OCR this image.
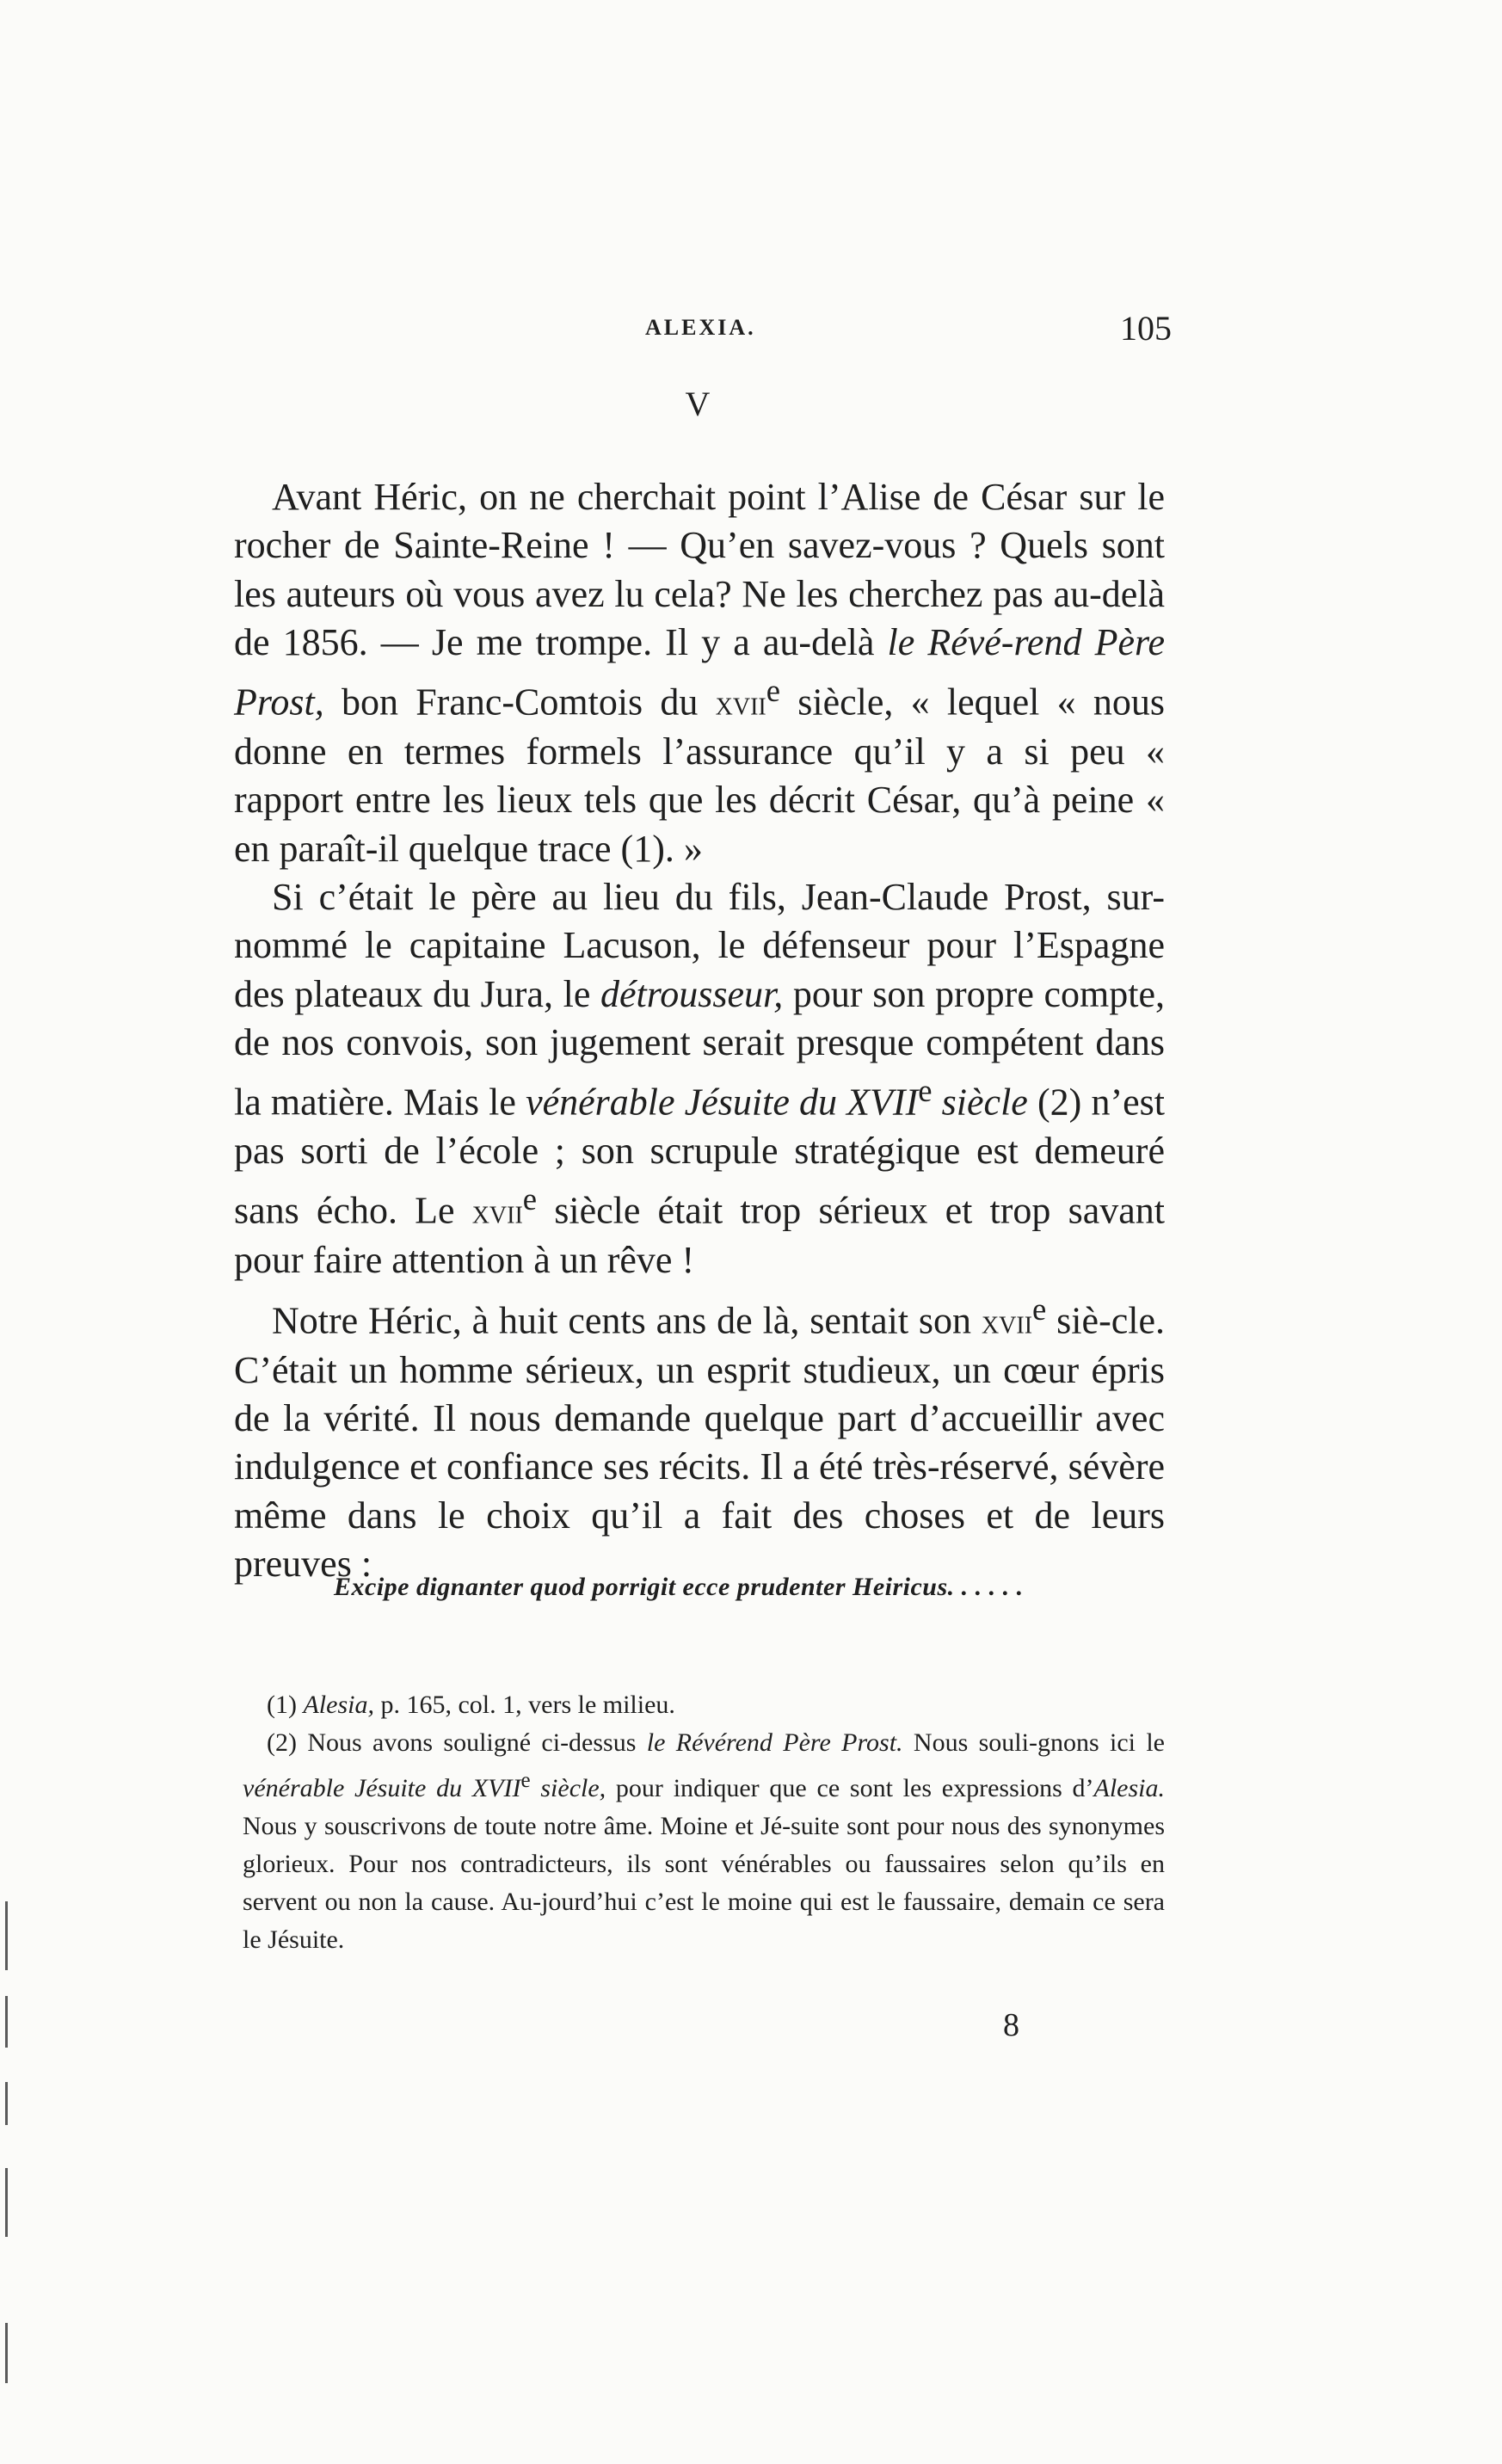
ALEXIA.	105
V

Avant Héric, on ne cherchait point l’Alise de César sur le rocher de Sainte-Reine ! — Qu’en savez-vous ? Quels sont les auteurs où vous avez lu cela? Ne les cherchez pas au-delà de 1856. — Je me trompe. Il y a au-delà le Révé-rend Père Prost, bon Franc-Comtois du xvii$^e$ siècle, « lequel « nous donne en termes formels l’assurance qu’il y a si peu « rapport entre les lieux tels que les décrit César, qu’à peine « en paraît-il quelque trace (1). »

Si c’était le père au lieu du fils, Jean-Claude Prost, sur-nommé le capitaine Lacuson, le défenseur pour l’Espagne des plateaux du Jura, le détrousseur, pour son propre compte, de nos convois, son jugement serait presque compétent dans la matière. Mais le vénérable Jésuite du XVIIe siècle (2) n’est pas sorti de l’école ; son scrupule stratégique est demeuré sans écho. Le xvii$^e$ siècle était trop sérieux et trop savant pour faire attention à un rêve !

Notre Héric, à huit cents ans de là, sentait son xvii$^e$ siè-cle. C’était un homme sérieux, un esprit studieux, un cœur épris de la vérité. Il nous demande quelque part d’accueillir avec indulgence et confiance ses récits. Il a été très-réservé, sévère même dans le choix qu’il a fait des choses et de leurs preuves :

Excipe dignanter quod porrigit ecce prudenter Heiricus. . . . . .

(1) Alesia, p. 165, col. 1, vers le milieu.

(2) Nous avons souligné ci-dessus le Révérend Père Prost. Nous souli-gnons ici le vénérable Jésuite du XVIIe siècle, pour indiquer que ce sont les expressions d’Alesia. Nous y souscrivons de toute notre âme. Moine et Jé-suite sont pour nous des synonymes glorieux. Pour nos contradicteurs, ils sont vénérables ou faussaires selon qu’ils en servent ou non la cause. Au-jourd’hui c’est le moine qui est le faussaire, demain ce sera le Jésuite.

8
